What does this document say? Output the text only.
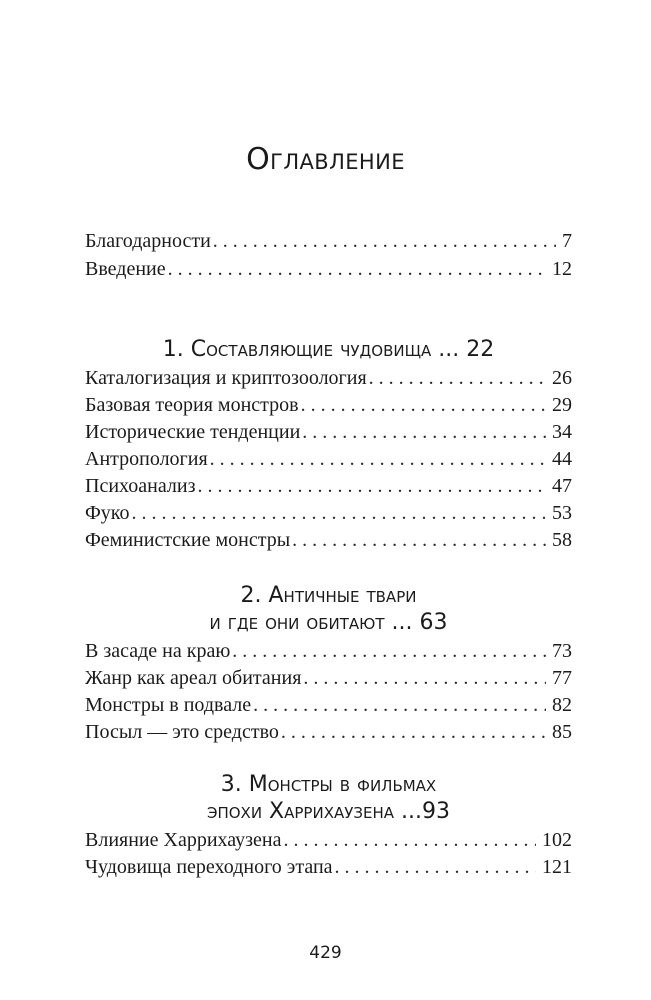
Оглавление
Благодарности . . .	7
Введение . . .	12
1. Составляющие чудовища ... 22
Каталогизация и криптозоология . . .	26
Базовая теория монстров . . .	29
Исторические тенденции . . .	34
Антропология . . .	44
Психоанализ . . .	47
Фуко . . .	53
Феминистские монстры . . .	58
2. Античные твари
и где они обитают ... 63
В засаде на краю . . .	73
Жанр как ареал обитания . . .	77
Монстры в подвале . . .	82
Посыл — это средство . . .	85
3. Монстры в фильмах
эпохи Харрихаузена ...93
Влияние Харрихаузена . . .	102
Чудовища переходного этапа . . .	121
429
